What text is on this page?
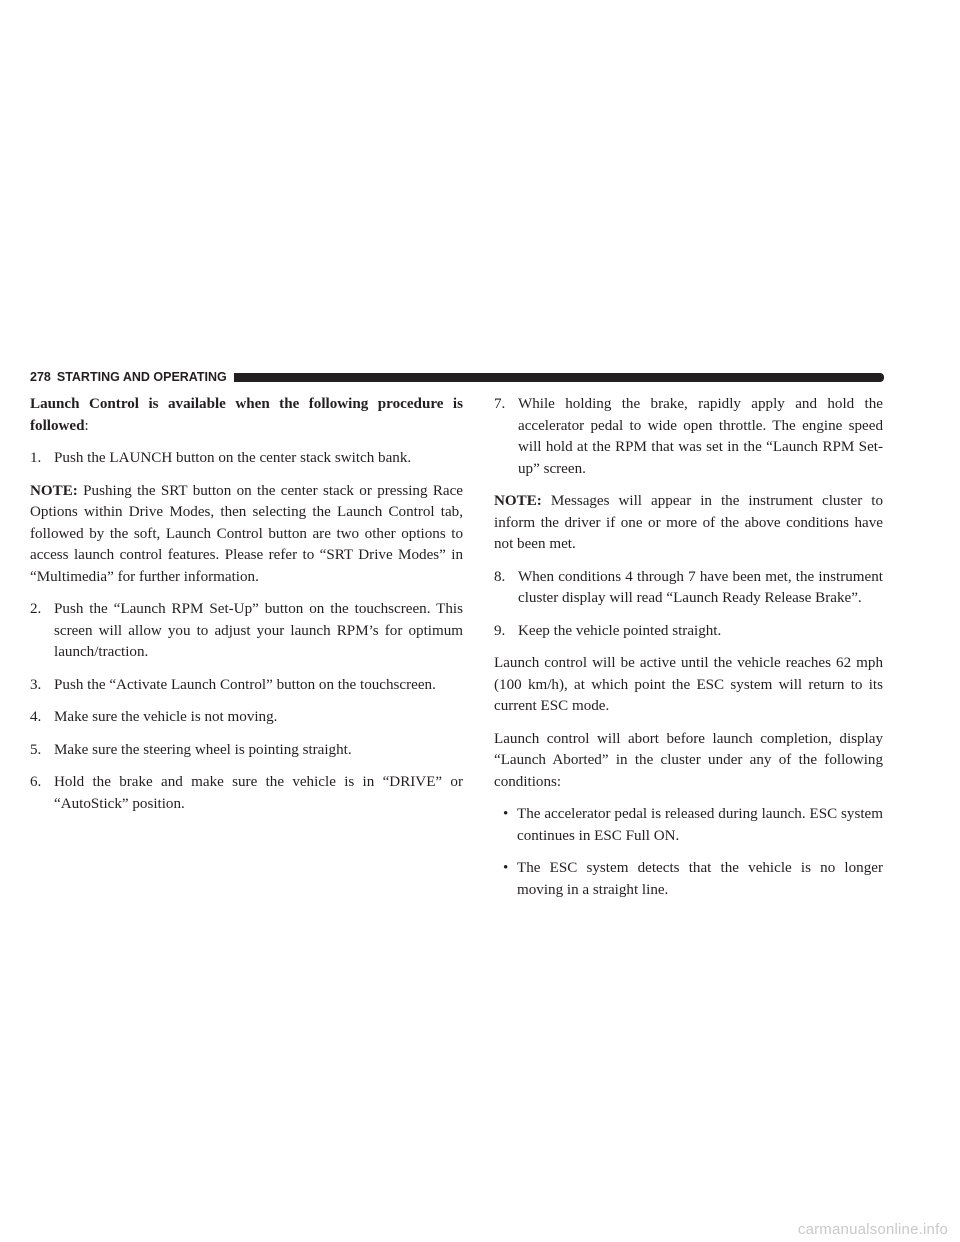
278 STARTING AND OPERATING

Launch Control is available when the following procedure is followed:

1. Push the LAUNCH button on the center stack switch bank.

NOTE: Pushing the SRT button on the center stack or pressing Race Options within Drive Modes, then selecting the Launch Control tab, followed by the soft, Launch Control button are two other options to access launch control features. Please refer to “SRT Drive Modes” in “Multimedia” for further information.

2. Push the “Launch RPM Set-Up” button on the touchscreen. This screen will allow you to adjust your launch RPM’s for optimum launch/traction.

3. Push the “Activate Launch Control” button on the touchscreen.

4. Make sure the vehicle is not moving.

5. Make sure the steering wheel is pointing straight.

6. Hold the brake and make sure the vehicle is in “DRIVE” or “AutoStick” position.

7. While holding the brake, rapidly apply and hold the accelerator pedal to wide open throttle. The engine speed will hold at the RPM that was set in the “Launch RPM Set-up” screen.

NOTE: Messages will appear in the instrument cluster to inform the driver if one or more of the above conditions have not been met.

8. When conditions 4 through 7 have been met, the instrument cluster display will read “Launch Ready Release Brake”.

9. Keep the vehicle pointed straight.

Launch control will be active until the vehicle reaches 62 mph (100 km/h), at which point the ESC system will return to its current ESC mode.

Launch control will abort before launch completion, display “Launch Aborted” in the cluster under any of the following conditions:

• The accelerator pedal is released during launch. ESC system continues in ESC Full ON.

• The ESC system detects that the vehicle is no longer moving in a straight line.

carmanualsonline.info
